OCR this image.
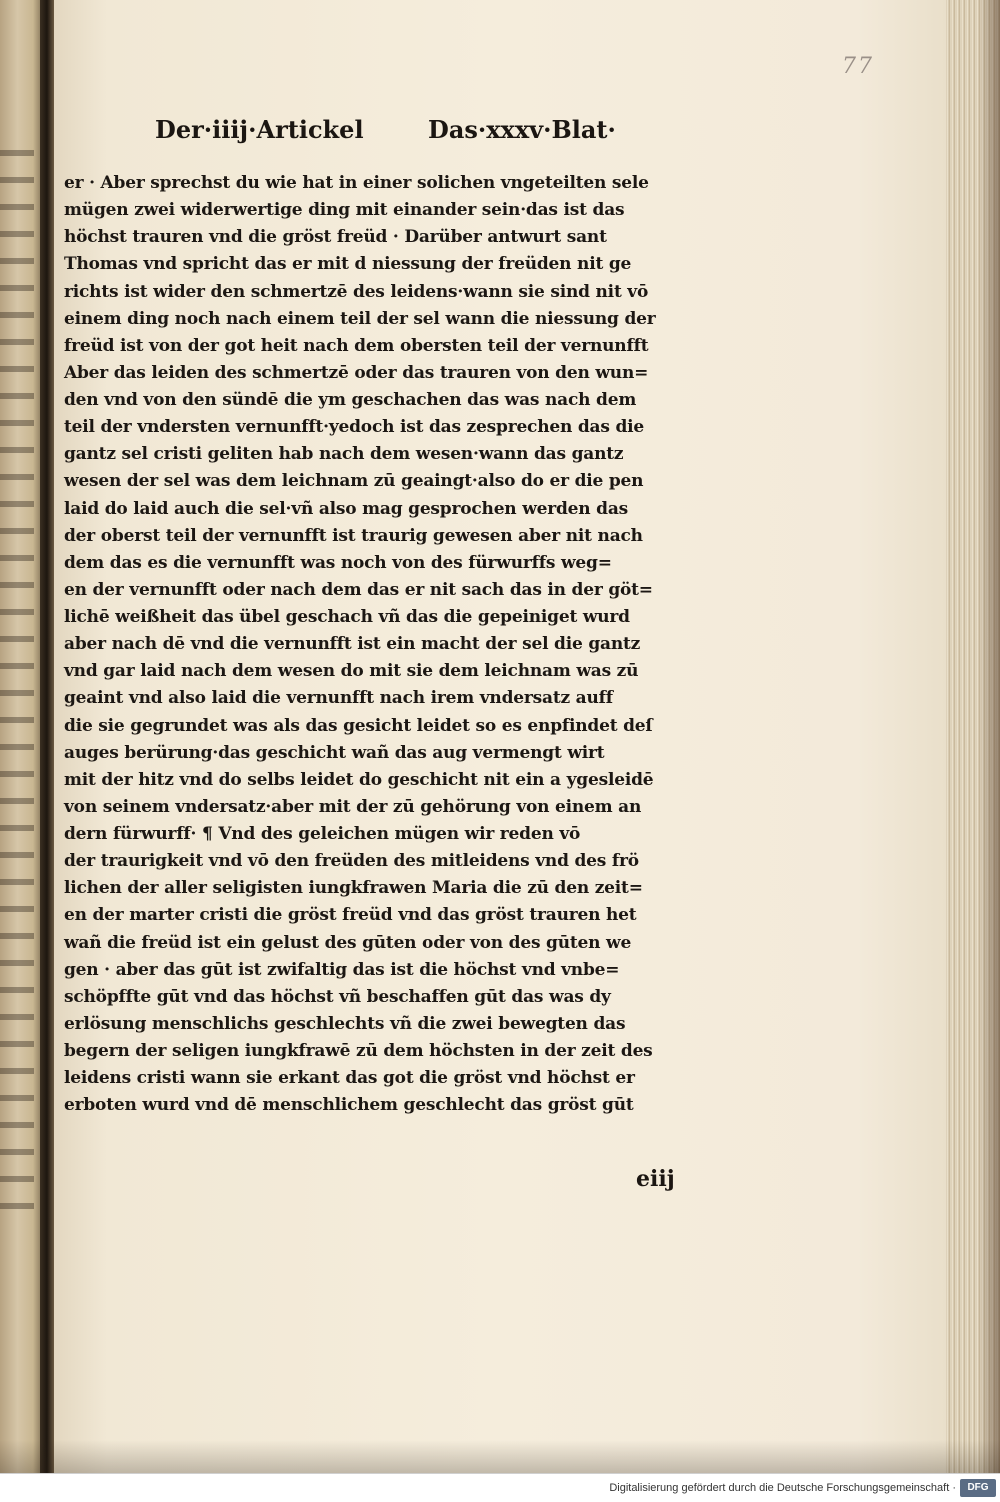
77
Der·iiij·Artickel	Das·xxxv·Blat·
er · Aber sprechst du wie hat in einer solichen vngeteilten sele
mügen zwei widerwertige ding mit einander sein·das ist das
höchst trauren vnd die gröst freüd · Darüber antwurt sant
Thomas vnd spricht das er mit d niessung der freüden nit ge
richts ist wider den schmertzē des leidens·wann sie sind nit vō
einem ding noch nach einem teil der sel wann die niessung der
freüd ist von der got heit nach dem obersten teil der vernunfft
Aber das leiden des schmertzē oder das trauren von den wun=
den vnd von den sündē die ym geschachen das was nach dem
teil der vndersten vernunfft·yedoch ist das zesprechen das die
gantz sel cristi geliten hab nach dem wesen·wann das gantz
wesen der sel was dem leichnam zū geaingt·also do er die pen
laid do laid auch die sel·vñ also mag gesprochen werden das
der oberst teil der vernunfft ist traurig gewesen aber nit nach
dem das es die vernunfft was noch von des fürwurffs weg=
en der vernunfft oder nach dem das er nit sach das in der göt=
lichē weißheit das übel geschach vñ das die gepeiniget wurd
aber nach dē vnd die vernunfft ist ein macht der sel die gantz
vnd gar laid nach dem wesen do mit sie dem leichnam was zū
geaint vnd also laid die vernunfft nach irem vndersatz auff
die sie gegrundet was als das gesicht leidet so es enpfindet deſ
auges berürung·das geschicht wañ das aug vermengt wirt
mit der hitz vnd do selbs leidet do geschicht nit ein a ygesleidē
von seinem vndersatz·aber mit der zū gehörung von einem an
dern fürwurff· ¶ Vnd des geleichen mügen wir reden vō
der traurigkeit vnd vō den freüden des mitleidens vnd des frö
lichen der aller seligisten iungkfrawen Maria die zū den zeit=
en der marter cristi die gröst freüd vnd das gröst trauren het
wañ die freüd ist ein gelust des gūten oder von des gūten we
gen · aber das gūt ist zwifaltig das ist die höchst vnd vnbe=
schöpffte gūt vnd das höchst vñ beschaffen gūt das was dy
erlösung menschlichs geschlechts vñ die zwei bewegten das
begern der seligen iungkfrawē zū dem höchsten in der zeit des
leidens cristi wann sie erkant das got die gröst vnd höchst er
erboten wurd vnd dē menschlichem geschlecht das gröst gūt
eiij
Digitalisierung gefördert durch die Deutsche Forschungsgemeinschaft ·	DFG
